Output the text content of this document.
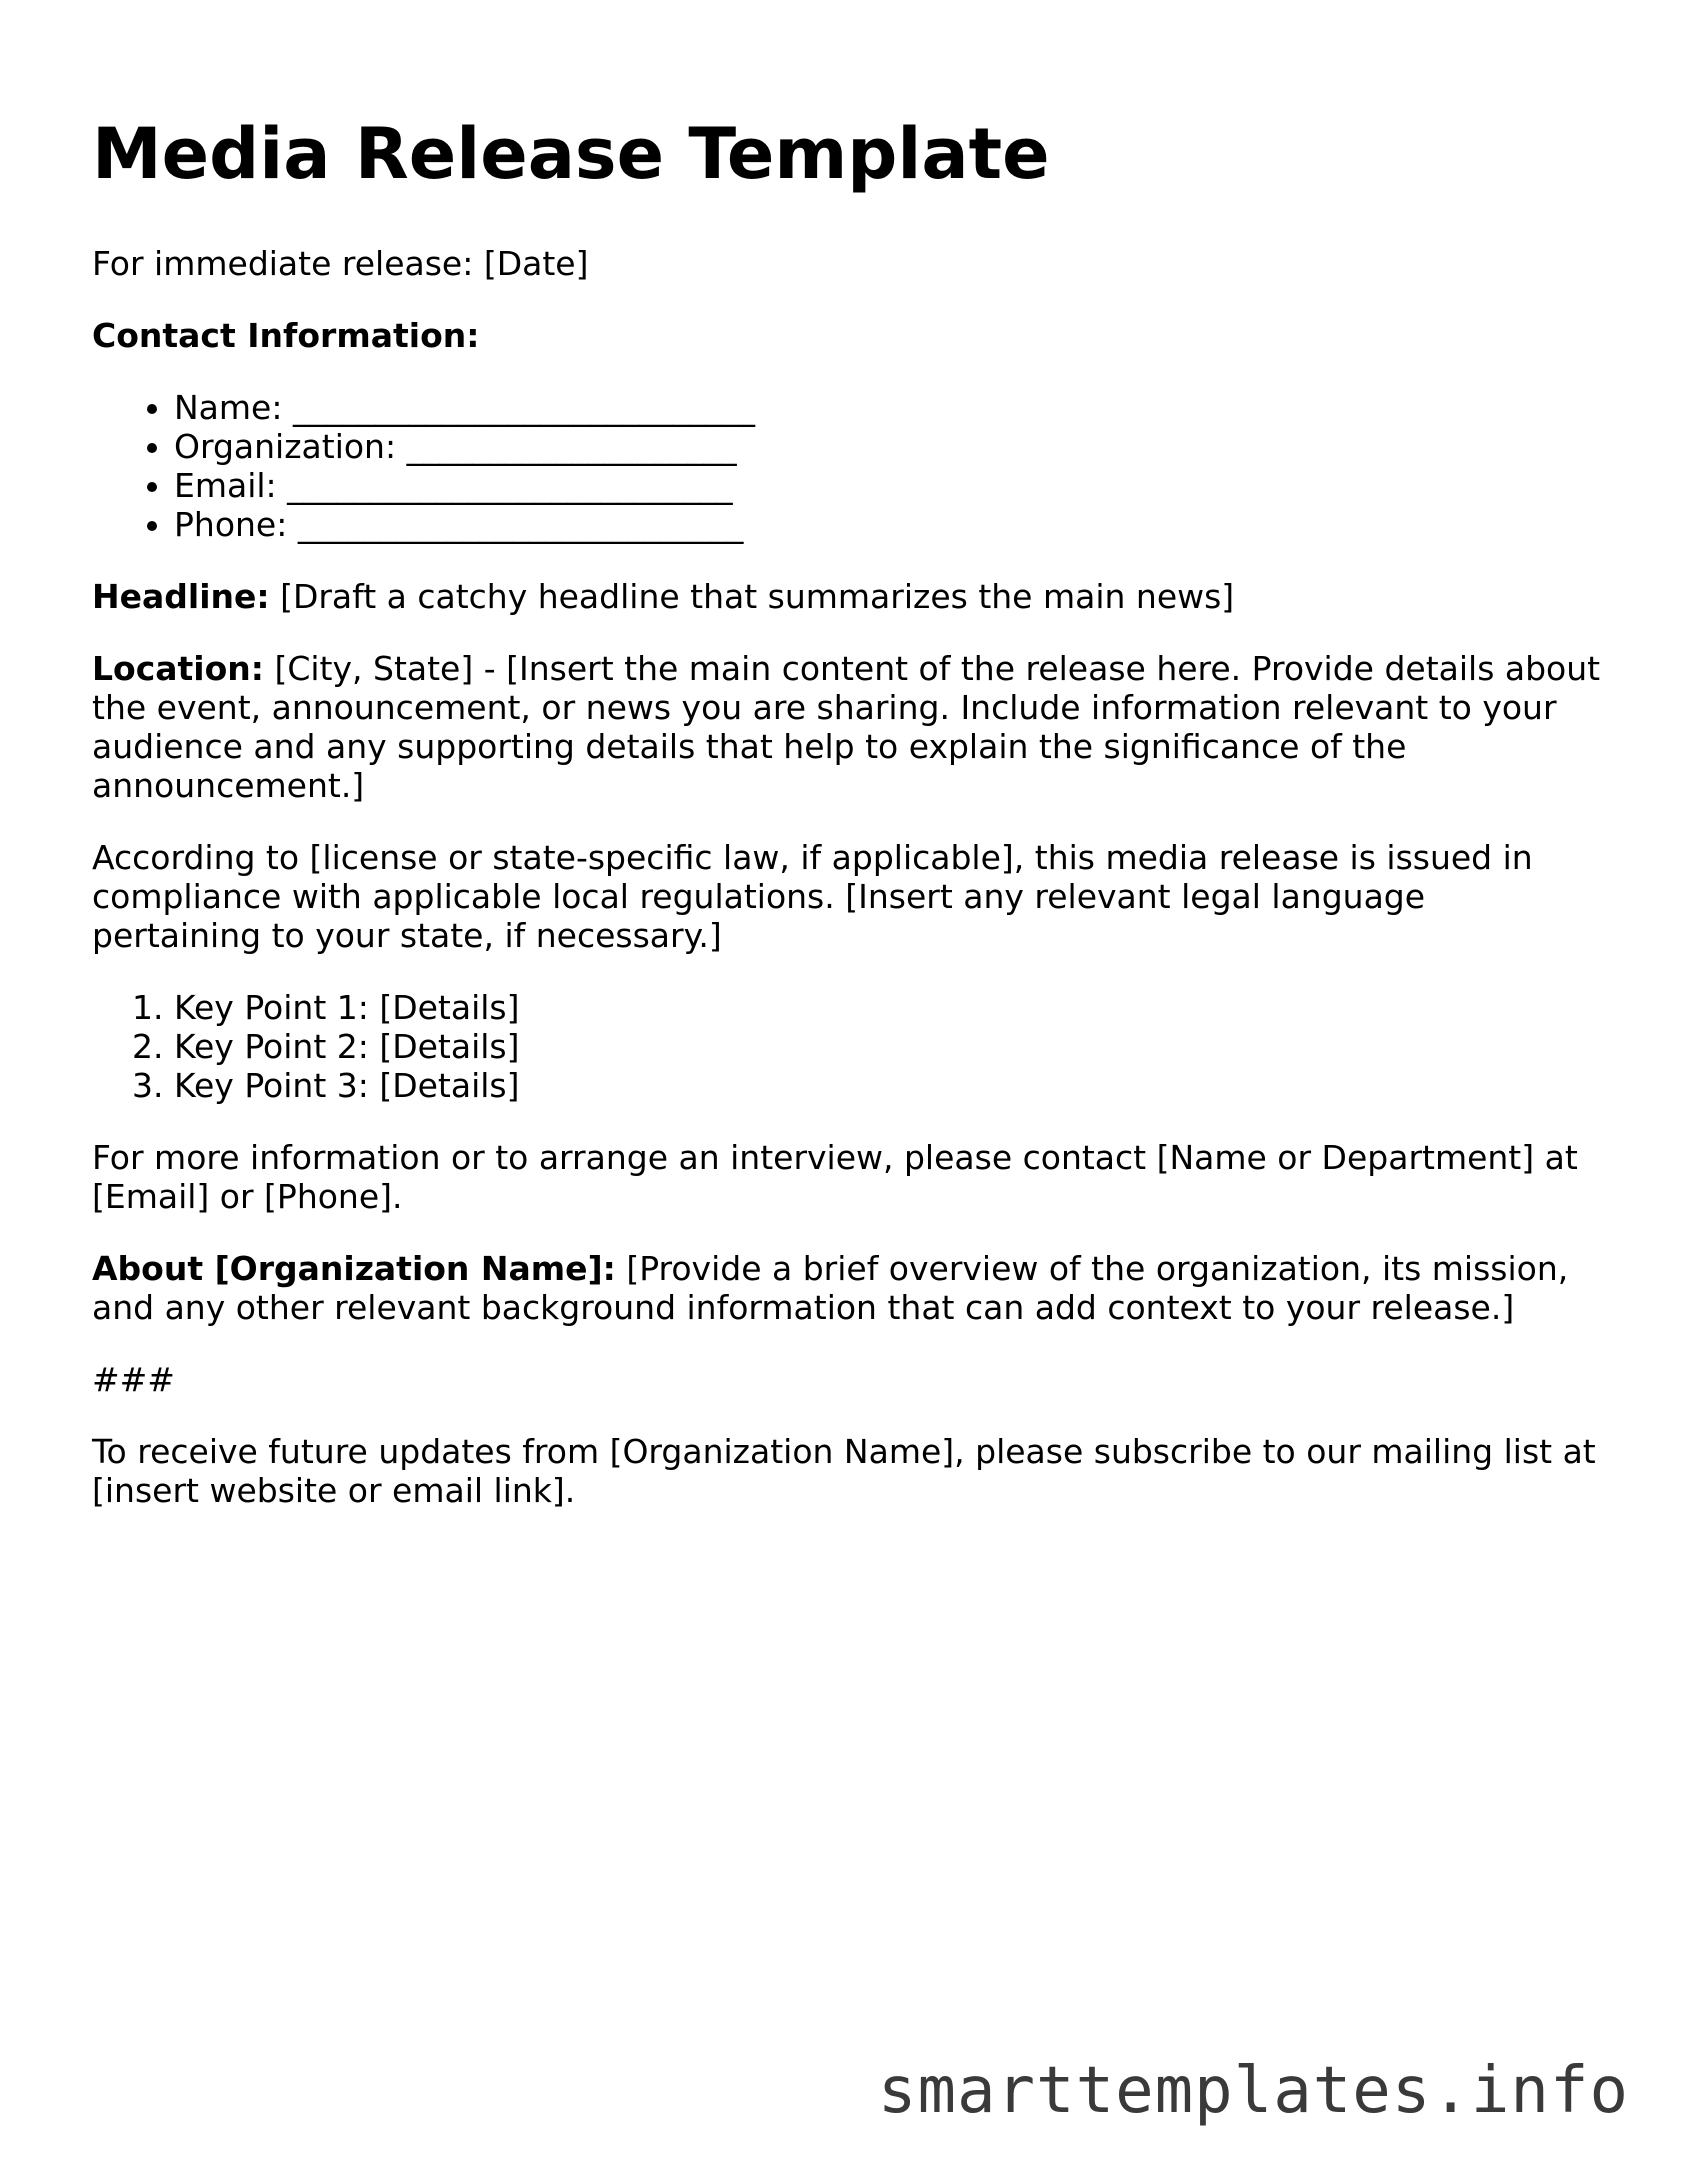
Media Release Template

For immediate release: [Date]

Contact Information:

• Name: ____________________________
• Organization: ____________________
• Email: ___________________________
• Phone: ___________________________

Headline: [Draft a catchy headline that summarizes the main news]

Location: [City, State] - [Insert the main content of the release here. Provide details about the event, announcement, or news you are sharing. Include information relevant to your audience and any supporting details that help to explain the significance of the announcement.]

According to [license or state-specific law, if applicable], this media release is issued in compliance with applicable local regulations. [Insert any relevant legal language pertaining to your state, if necessary.]

1. Key Point 1: [Details]
2. Key Point 2: [Details]
3. Key Point 3: [Details]

For more information or to arrange an interview, please contact [Name or Department] at [Email] or [Phone].

About [Organization Name]: [Provide a brief overview of the organization, its mission, and any other relevant background information that can add context to your release.]

###

To receive future updates from [Organization Name], please subscribe to our mailing list at [insert website or email link].

smarttemplates.info
